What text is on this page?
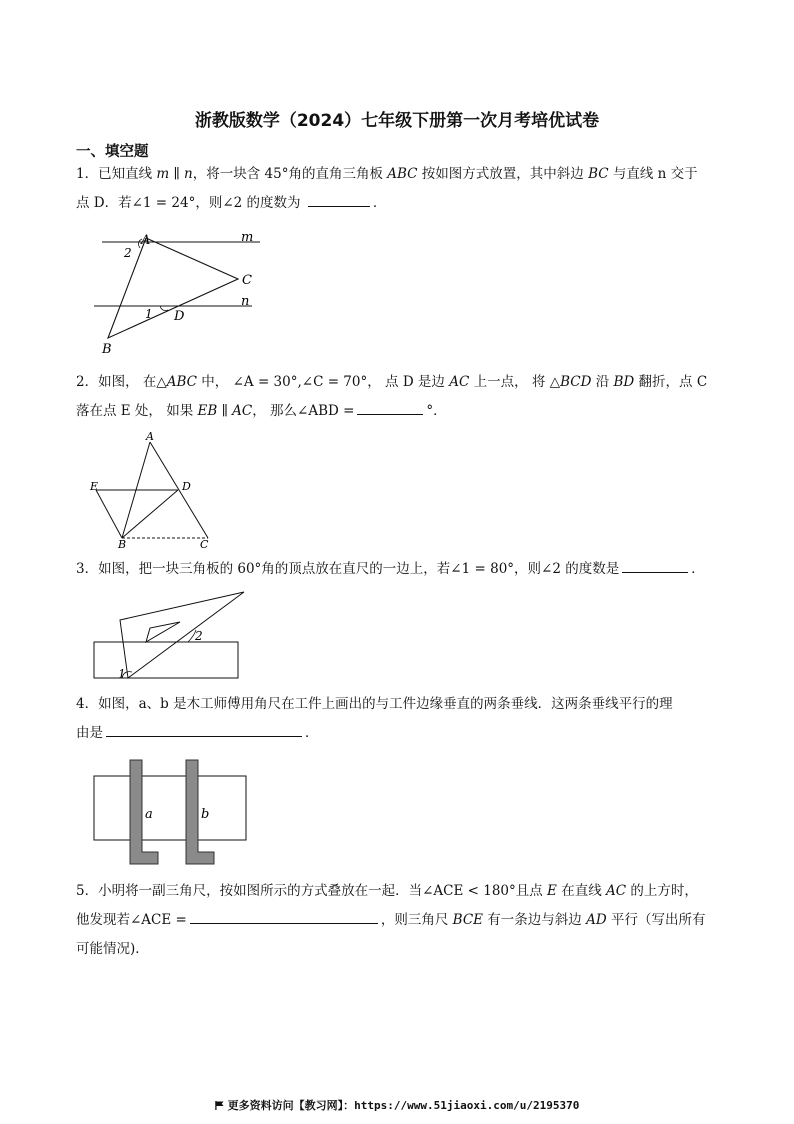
浙教版数学（2024）七年级下册第一次月考培优试卷
一、填空题
1．已知直线 m ∥ n，将一块含 45°角的直角三角板 ABC 按如图方式放置，其中斜边 BC 与直线 n 交于
点 D．若∠1 = 24°，则∠2 的度数为	．
A	m
2
C
n
1 D
B
2．如图， 在△ABC 中， ∠A = 30°,∠C = 70°， 点 D 是边 AC 上一点， 将 △BCD 沿 BD 翻折，点 C
落在点 E 处， 如果 EB ∥ AC， 那么∠ABD =	°．
A
E	D
B	C
3．如图，把一块三角板的 60°角的顶点放在直尺的一边上，若∠1 = 80°，则∠2 的度数是	．
1
2
4．如图，a、b 是木工师傅用角尺在工件上画出的与工件边缘垂直的两条垂线．这两条垂线平行的理
由是	．
a	b
5．小明将一副三角尺，按如图所示的方式叠放在一起．当∠ACE < 180°且点 E 在直线 AC 的上方时，
他发现若∠ACE =	，则三角尺 BCE 有一条边与斜边 AD 平行（写出所有
可能情况)．
更多资料访问【教习网】：https://www.51jiaoxi.com/u/2195370
